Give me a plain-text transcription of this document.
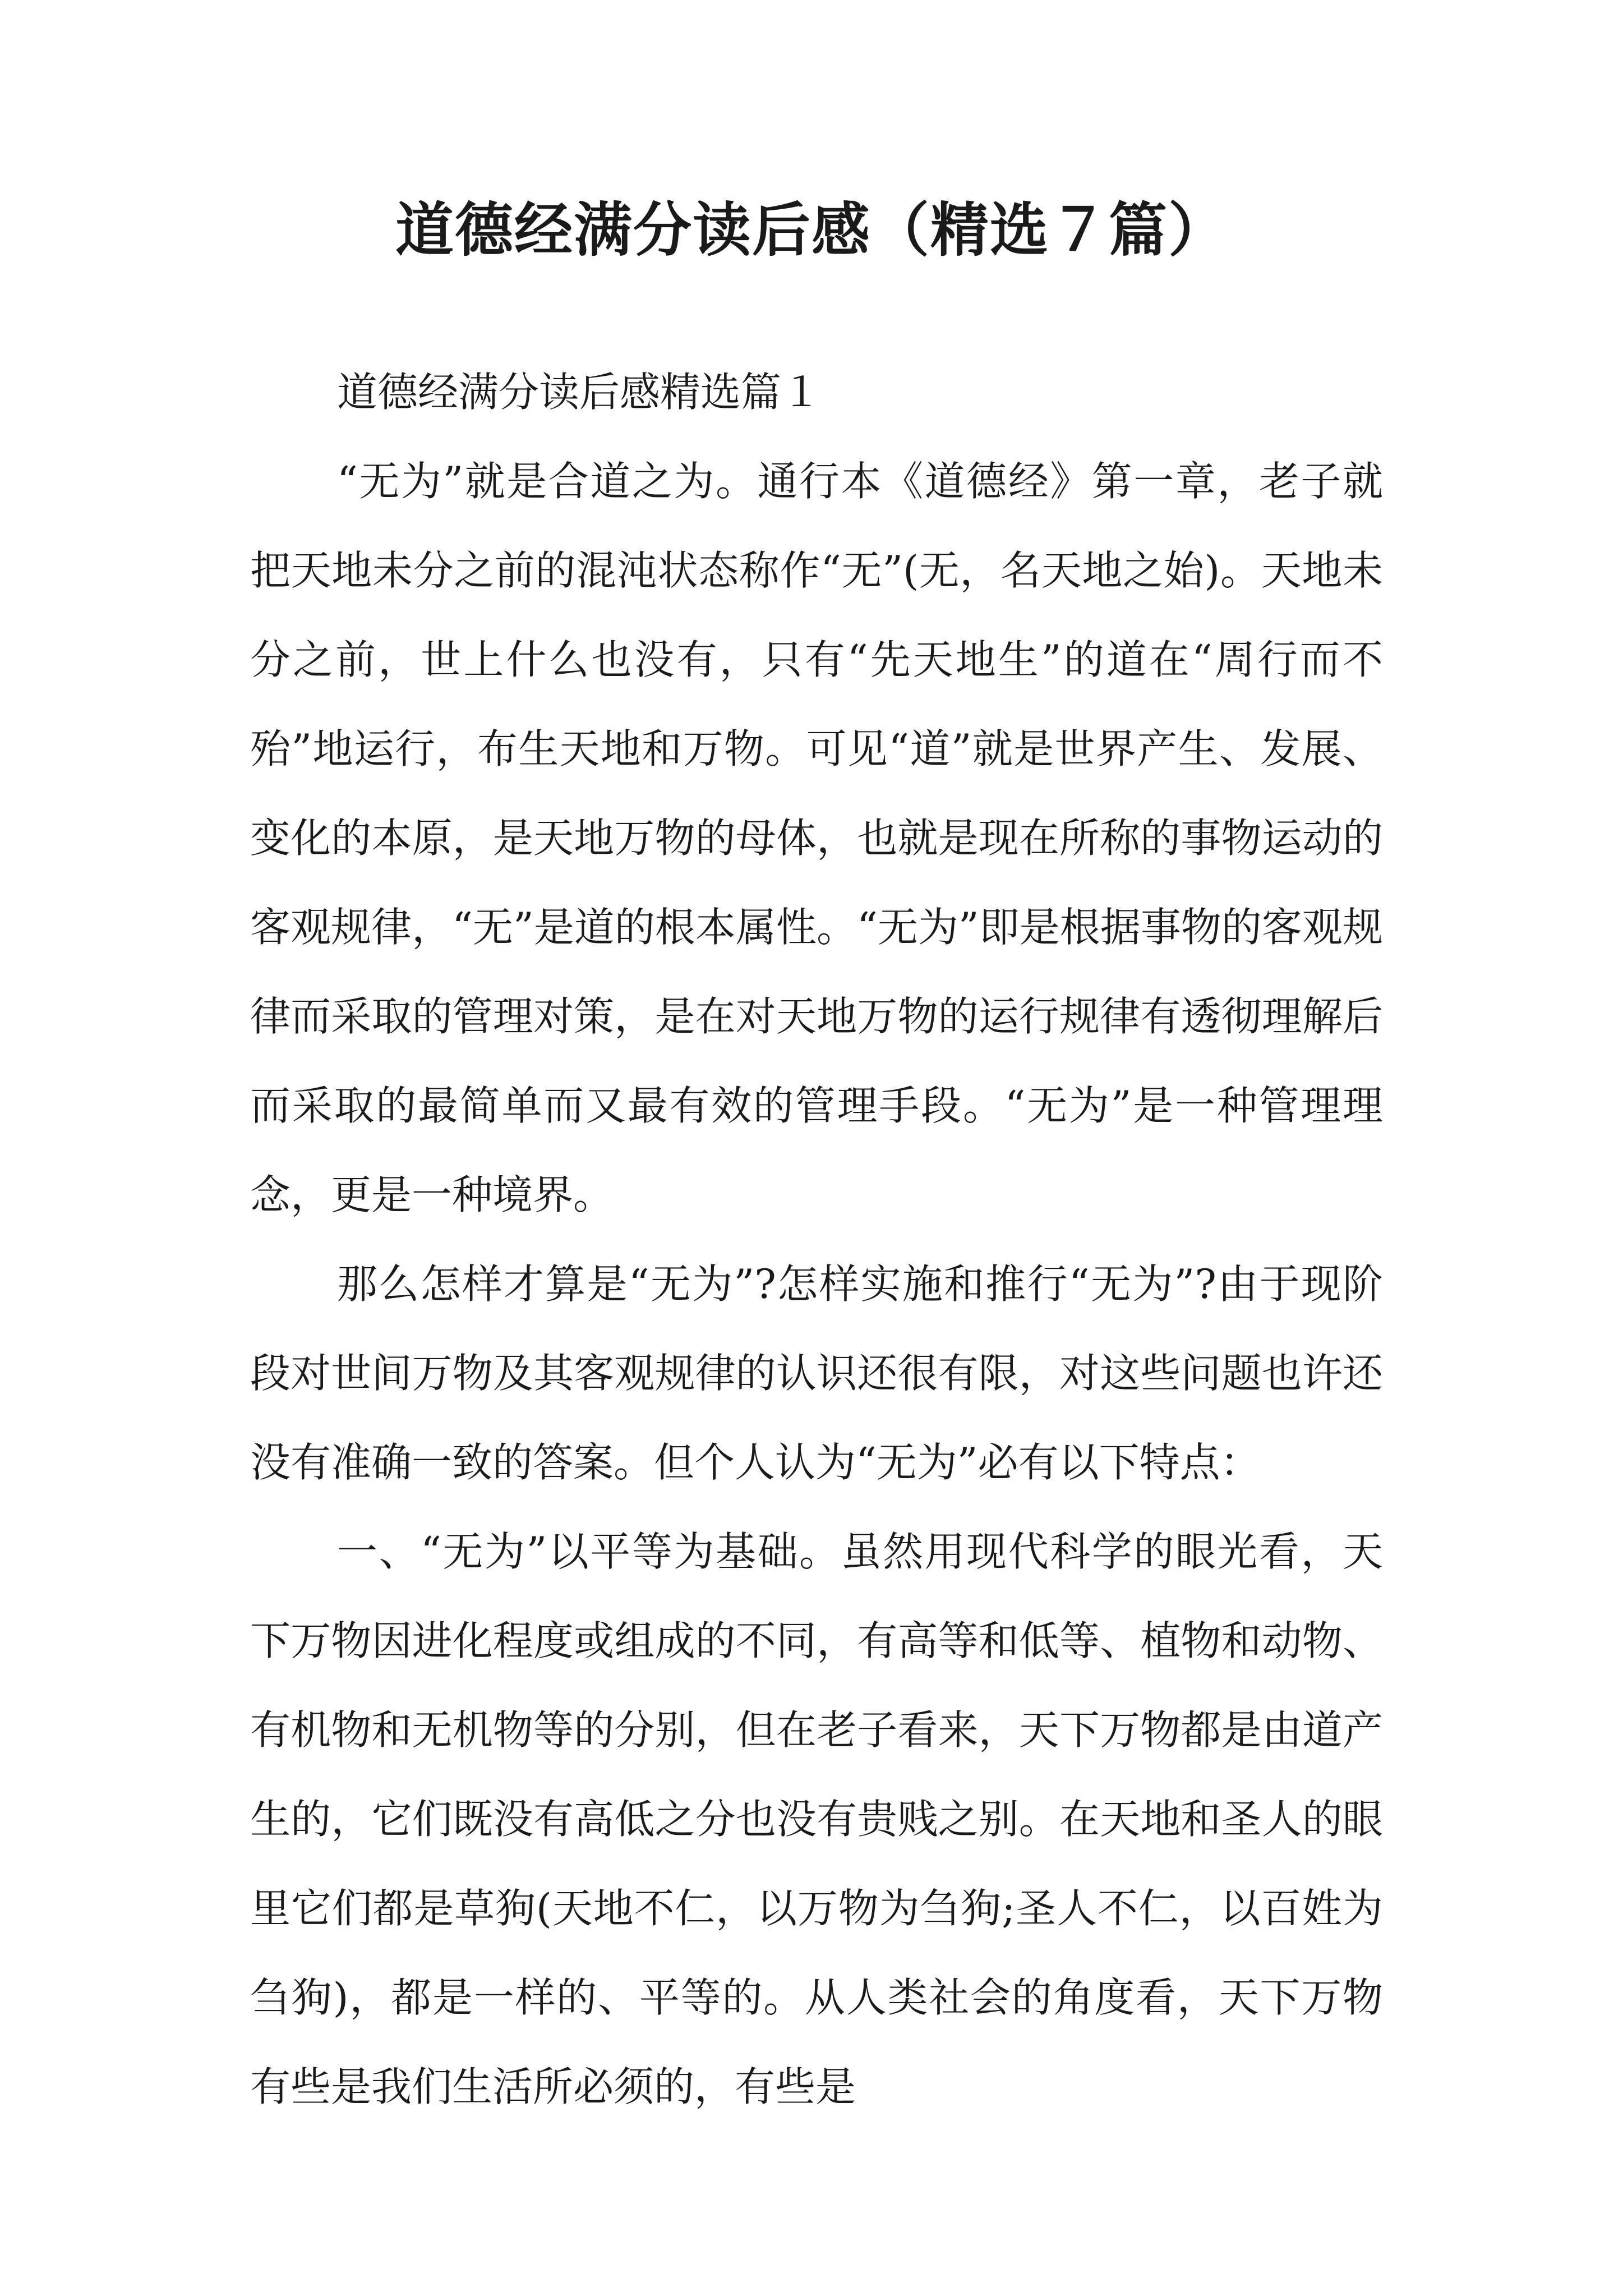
道德经满分读后感（精选７篇）

道德经满分读后感精选篇１

“无为”就是合道之为。通行本《道德经》第一章，老子就把天地未分之前的混沌状态称作“无”(无，名天地之始)。天地未分之前，世上什么也没有，只有“先天地生”的道在“周行而不殆”地运行，布生天地和万物。可见“道”就是世界产生、发展、变化的本原，是天地万物的母体，也就是现在所称的事物运动的客观规律，“无”是道的根本属性。“无为”即是根据事物的客观规律而采取的管理对策，是在对天地万物的运行规律有透彻理解后而采取的最简单而又最有效的管理手段。“无为”是一种管理理念，更是一种境界。

那么怎样才算是“无为”?怎样实施和推行“无为”?由于现阶段对世间万物及其客观规律的认识还很有限，对这些问题也许还没有准确一致的答案。但个人认为“无为”必有以下特点：

一、“无为”以平等为基础。虽然用现代科学的眼光看，天下万物因进化程度或组成的不同，有高等和低等、植物和动物、有机物和无机物等的分别，但在老子看来，天下万物都是由道产生的，它们既没有高低之分也没有贵贱之别。在天地和圣人的眼里它们都是草狗(天地不仁，以万物为刍狗;圣人不仁，以百姓为刍狗)，都是一样的、平等的。从人类社会的角度看，天下万物有些是我们生活所必须的，有些是
